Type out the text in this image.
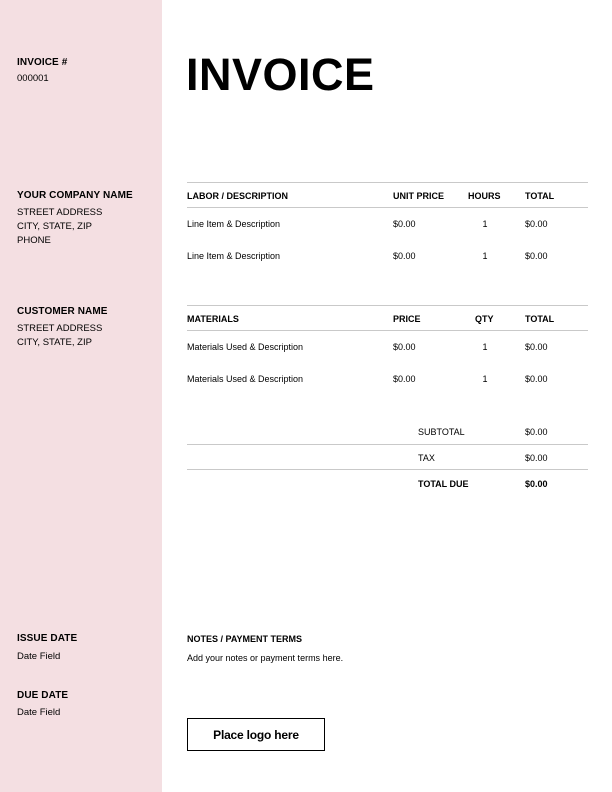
INVOICE #
000001
YOUR COMPANY NAME
STREET ADDRESS
CITY, STATE, ZIP
PHONE
CUSTOMER NAME
STREET ADDRESS
CITY, STATE, ZIP
ISSUE DATE
Date Field
DUE DATE
Date Field
INVOICE
LABOR / DESCRIPTION	UNIT PRICE	HOURS	TOTAL
Line Item & Description	$0.00	1	$0.00
Line Item & Description	$0.00	1	$0.00
MATERIALS	PRICE	QTY	TOTAL
Materials Used & Description	$0.00	1	$0.00
Materials Used & Description	$0.00	1	$0.00
SUBTOTAL	$0.00
TAX	$0.00
TOTAL DUE	$0.00
NOTES / PAYMENT TERMS
Add your notes or payment terms here.
Place logo here
